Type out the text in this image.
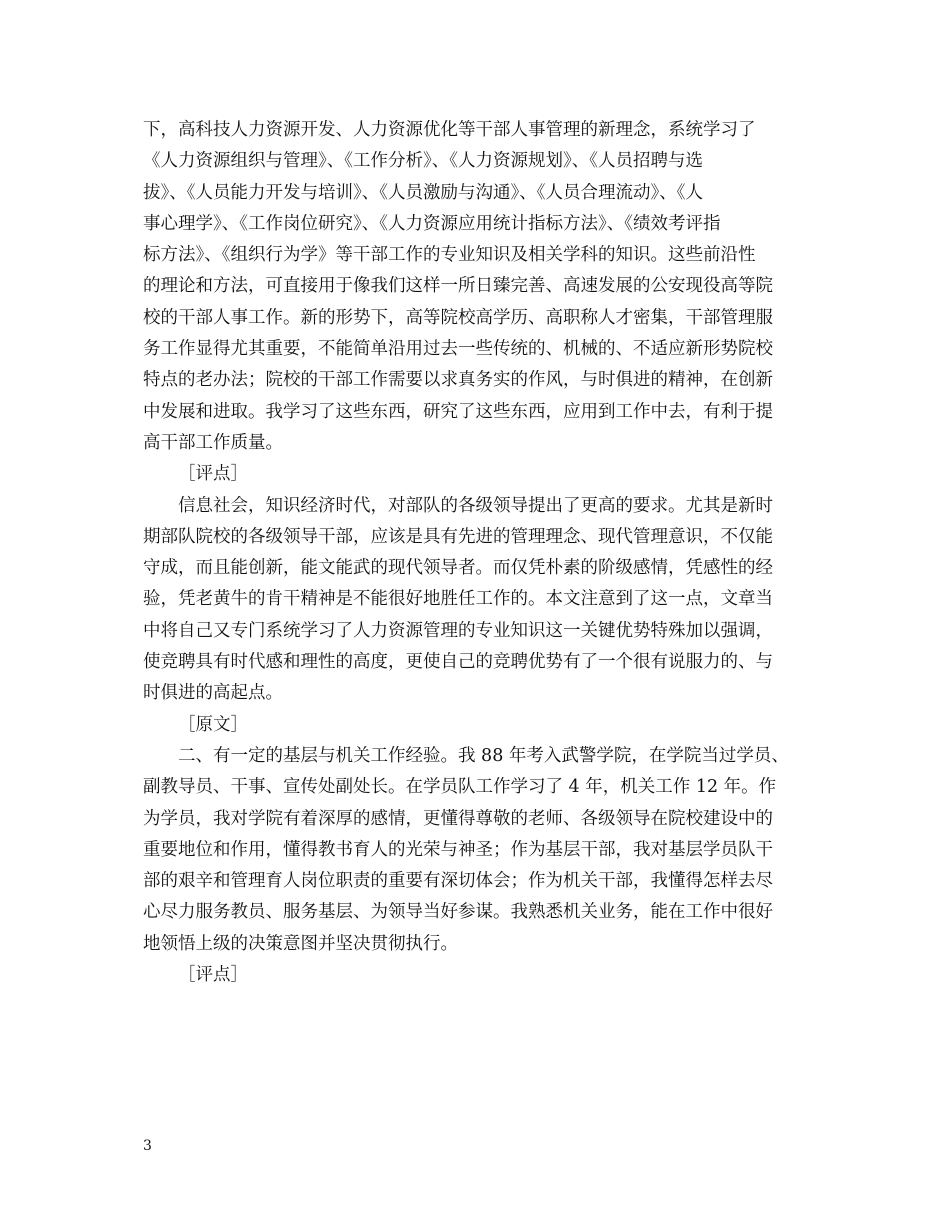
下，高科技人力资源开发、人力资源优化等干部人事管理的新理念，系统学习了
《人力资源组织与管理》、《工作分析》、《人力资源规划》、《人员招聘与选
拔》、《人员能力开发与培训》、《人员激励与沟通》、《人员合理流动》、《人
事心理学》、《工作岗位研究》、《人力资源应用统计指标方法》、《绩效考评指
标方法》、《组织行为学》等干部工作的专业知识及相关学科的知识。这些前沿性
的理论和方法，可直接用于像我们这样一所日臻完善、高速发展的公安现役高等院
校的干部人事工作。新的形势下，高等院校高学历、高职称人才密集，干部管理服
务工作显得尤其重要，不能简单沿用过去一些传统的、机械的、不适应新形势院校
特点的老办法；院校的干部工作需要以求真务实的作风，与时俱进的精神，在创新
中发展和进取。我学习了这些东西，研究了这些东西，应用到工作中去，有利于提
高干部工作质量。
［评点］
信息社会，知识经济时代，对部队的各级领导提出了更高的要求。尤其是新时
期部队院校的各级领导干部，应该是具有先进的管理理念、现代管理意识，不仅能
守成，而且能创新，能文能武的现代领导者。而仅凭朴素的阶级感情，凭感性的经
验，凭老黄牛的肯干精神是不能很好地胜任工作的。本文注意到了这一点，文章当
中将自己又专门系统学习了人力资源管理的专业知识这一关键优势特殊加以强调，
使竞聘具有时代感和理性的高度，更使自己的竞聘优势有了一个很有说服力的、与
时俱进的高起点。
［原文］
二、有一定的基层与机关工作经验。我 88 年考入武警学院，在学院当过学员、
副教导员、干事、宣传处副处长。在学员队工作学习了 4 年，机关工作 12 年。作
为学员，我对学院有着深厚的感情，更懂得尊敬的老师、各级领导在院校建设中的
重要地位和作用，懂得教书育人的光荣与神圣；作为基层干部，我对基层学员队干
部的艰辛和管理育人岗位职责的重要有深切体会；作为机关干部，我懂得怎样去尽
心尽力服务教员、服务基层、为领导当好参谋。我熟悉机关业务，能在工作中很好
地领悟上级的决策意图并坚决贯彻执行。
［评点］
3
